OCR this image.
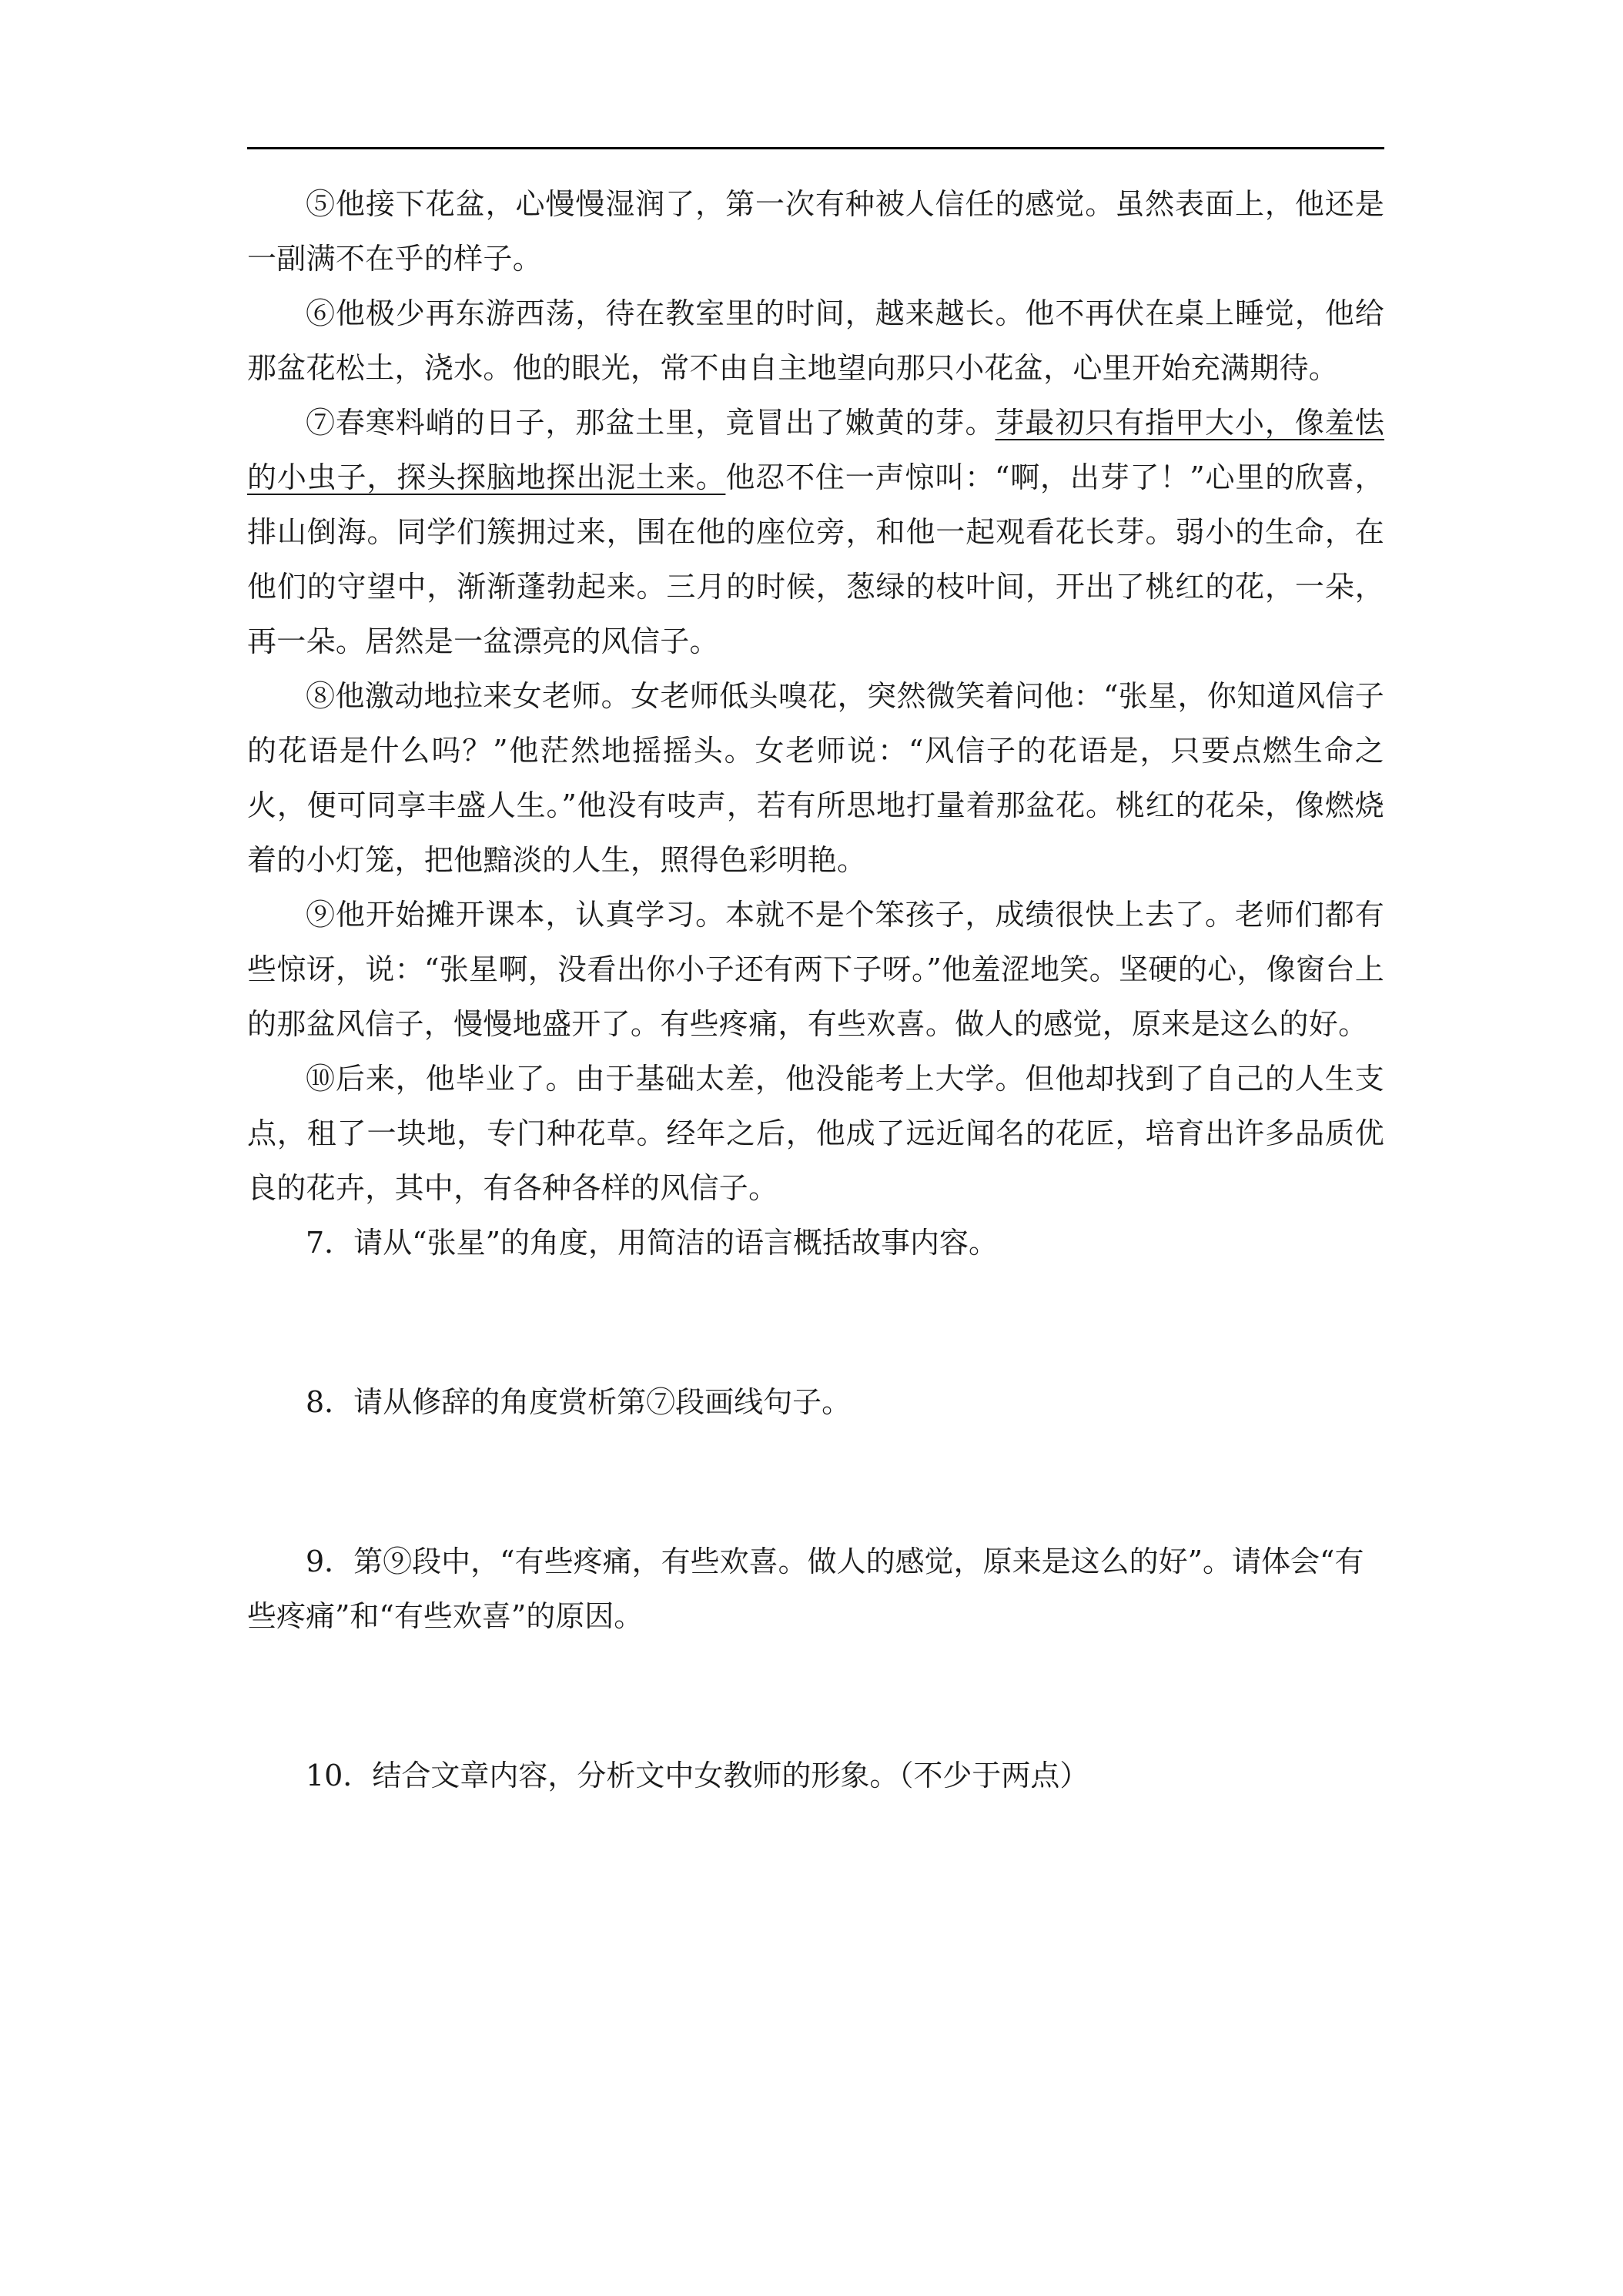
⑤他接下花盆，心慢慢湿润了，第一次有种被人信任的感觉。虽然表面上，他还是一副满不在乎的样子。

⑥他极少再东游西荡，待在教室里的时间，越来越长。他不再伏在桌上睡觉，他给那盆花松土，浇水。他的眼光，常不由自主地望向那只小花盆，心里开始充满期待。

⑦春寒料峭的日子，那盆土里，竟冒出了嫩黄的芽。芽最初只有指甲大小，像羞怯的小虫子，探头探脑地探出泥土来。他忍不住一声惊叫：“啊，出芽了！”心里的欣喜，排山倒海。同学们簇拥过来，围在他的座位旁，和他一起观看花长芽。弱小的生命，在他们的守望中，渐渐蓬勃起来。三月的时候，葱绿的枝叶间，开出了桃红的花，一朵，再一朵。居然是一盆漂亮的风信子。

⑧他激动地拉来女老师。女老师低头嗅花，突然微笑着问他：“张星，你知道风信子的花语是什么吗？”他茫然地摇摇头。女老师说：“风信子的花语是，只要点燃生命之火，便可同享丰盛人生。”他没有吱声，若有所思地打量着那盆花。桃红的花朵，像燃烧着的小灯笼，把他黯淡的人生，照得色彩明艳。

⑨他开始摊开课本，认真学习。本就不是个笨孩子，成绩很快上去了。老师们都有些惊讶，说：“张星啊，没看出你小子还有两下子呀。”他羞涩地笑。坚硬的心，像窗台上的那盆风信子，慢慢地盛开了。有些疼痛，有些欢喜。做人的感觉，原来是这么的好。

⑩后来，他毕业了。由于基础太差，他没能考上大学。但他却找到了自己的人生支点，租了一块地，专门种花草。经年之后，他成了远近闻名的花匠，培育出许多品质优良的花卉，其中，有各种各样的风信子。

7．请从“张星”的角度，用简洁的语言概括故事内容。

8．请从修辞的角度赏析第⑦段画线句子。

9．第⑨段中，“有些疼痛，有些欢喜。做人的感觉，原来是这么的好”。请体会“有些疼痛”和“有些欢喜”的原因。

10．结合文章内容，分析文中女教师的形象。（不少于两点）
